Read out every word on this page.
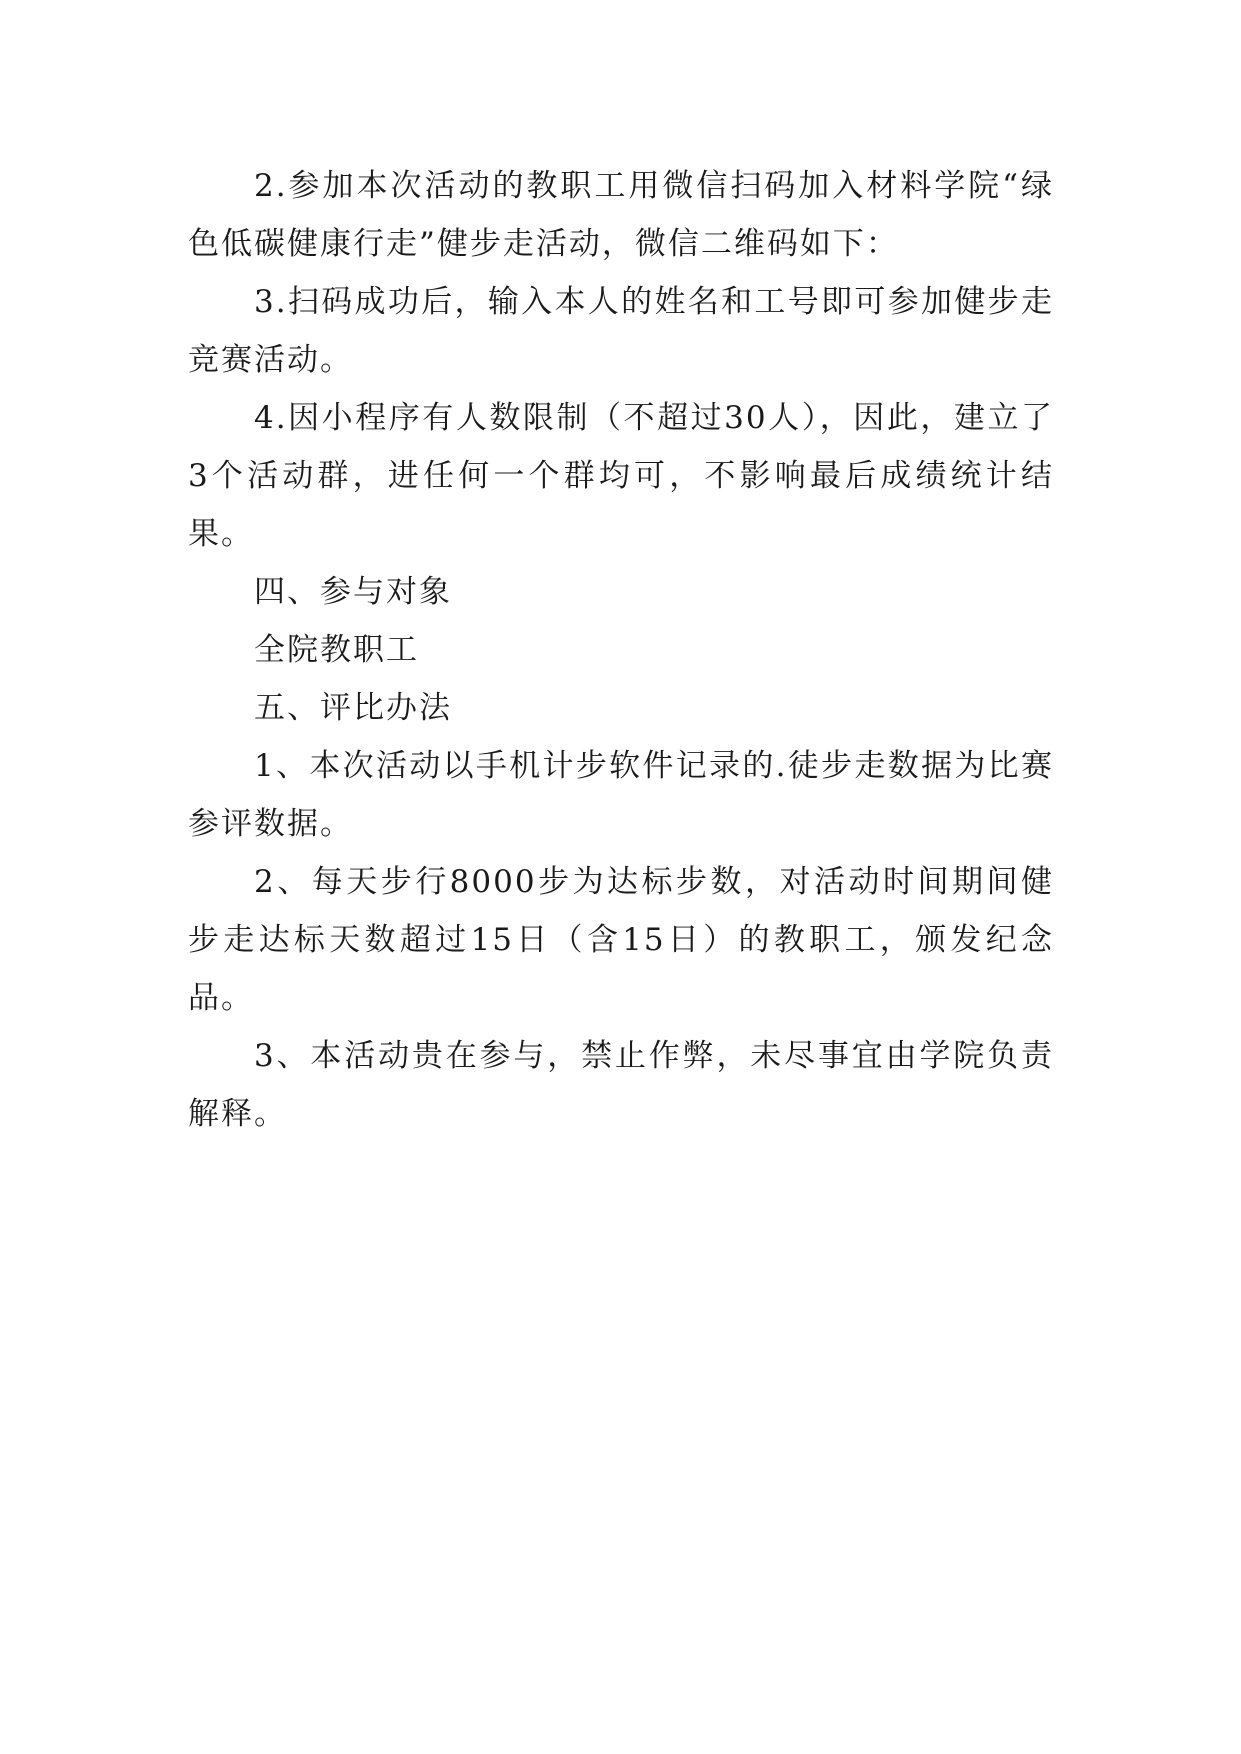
2.参加本次活动的教职工用微信扫码加入材料学院“绿色低碳健康行走”健步走活动，微信二维码如下：

3.扫码成功后，输入本人的姓名和工号即可参加健步走竞赛活动。

4.因小程序有人数限制（不超过30人），因此，建立了3个活动群，进任何一个群均可，不影响最后成绩统计结果。

四、参与对象

全院教职工

五、评比办法

1、本次活动以手机计步软件记录的.徒步走数据为比赛参评数据。

2、每天步行8000步为达标步数，对活动时间期间健步走达标天数超过15日（含15日）的教职工，颁发纪念品。

3、本活动贵在参与，禁止作弊，未尽事宜由学院负责解释。
